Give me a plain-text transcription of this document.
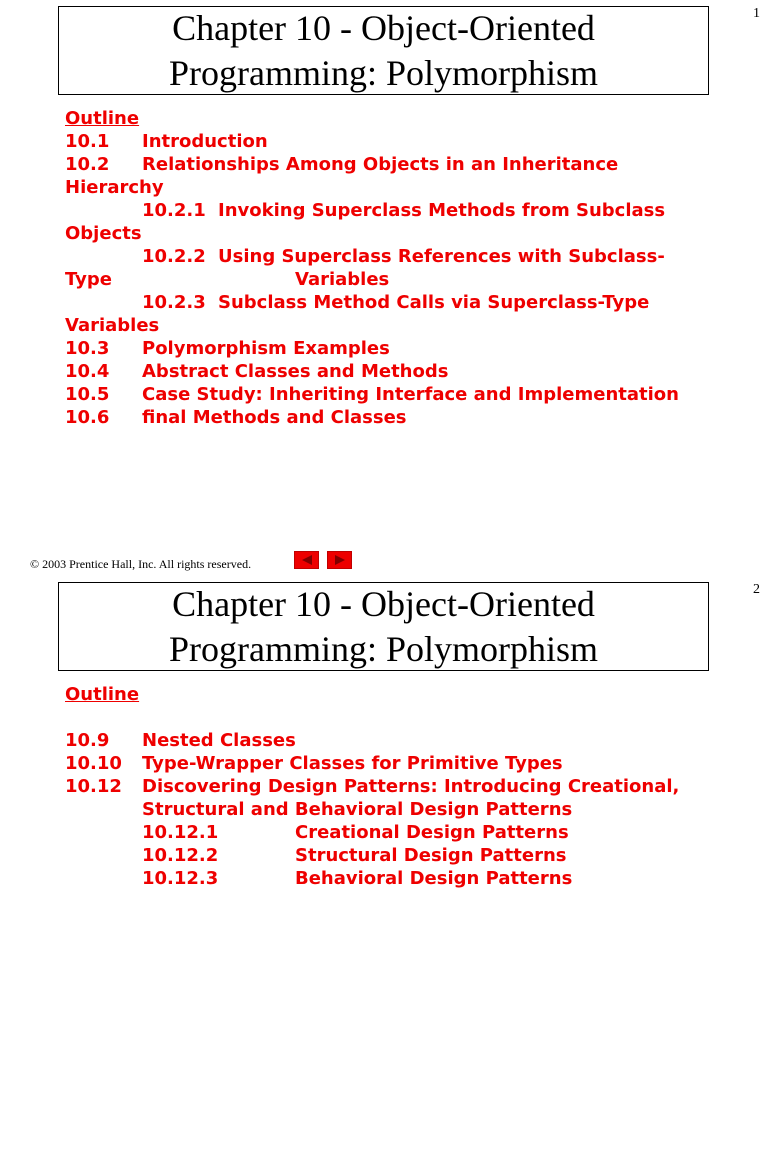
1
Chapter 10 - Object-Oriented
Programming: Polymorphism
Outline
10.1 Introduction
10.2 Relationships Among Objects in an Inheritance
Hierarchy
10.2.1 Invoking Superclass Methods from Subclass
Objects
10.2.2 Using Superclass References with Subclass-
Type	Variables
10.2.3 Subclass Method Calls via Superclass-Type
Variables
10.3 Polymorphism Examples
10.4 Abstract Classes and Methods
10.5 Case Study: Inheriting Interface and Implementation
10.6 final Methods and Classes
© 2003 Prentice Hall, Inc. All rights reserved.
2
Chapter 10 - Object-Oriented
Programming: Polymorphism
Outline
10.9 Nested Classes
10.10 Type-Wrapper Classes for Primitive Types
10.12 Discovering Design Patterns: Introducing Creational,
Structural and Behavioral Design Patterns
10.12.1	Creational Design Patterns
10.12.2	Structural Design Patterns
10.12.3	Behavioral Design Patterns
